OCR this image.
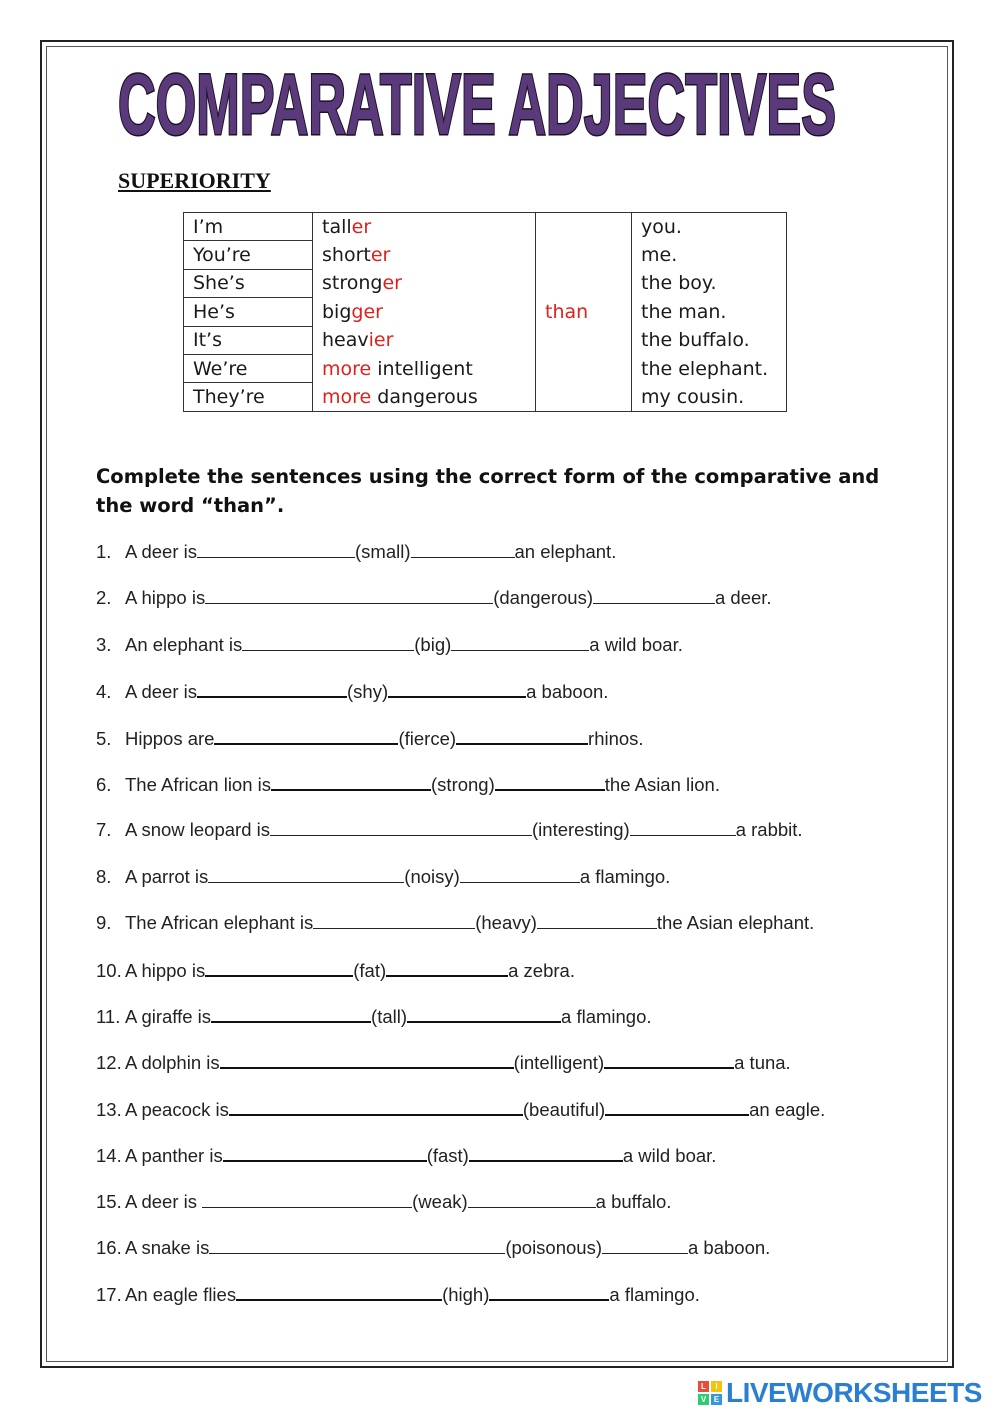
COMPARATIVE ADJECTIVES
SUPERIORITY
I’m	taller	than	you.
You’re	shorter		me.
She’s	stronger		the boy.
He’s	bigger		the man.
It’s	heavier		the buffalo.
We’re	more intelligent		the elephant.
They’re	more dangerous		my cousin.
Complete the sentences using the correct form of the comparative and the word “than”.
1. A deer is	(small)	an elephant.
2. A hippo is	(dangerous)	a deer.
3. An elephant is	(big)	a wild boar.
4. A deer is	(shy)	a baboon.
5. Hippos are	(fierce)	rhinos.
6. The African lion is	(strong)	the Asian lion.
7. A snow leopard is	(interesting)	a rabbit.
8. A parrot is	(noisy)	a flamingo.
9. The African elephant is	(heavy)	the Asian elephant.
10. A hippo is	(fat)	a zebra.
11. A giraffe is	(tall)	a flamingo.
12. A dolphin is	(intelligent)	a tuna.
13. A peacock is	(beautiful)	an eagle.
14. A panther is	(fast)	a wild boar.
15. A deer is	(weak)	a buffalo.
16. A snake is	(poisonous)	a baboon.
17. An eagle flies	(high)	a flamingo.
L	I
V E LIVEWORKSHEETS
